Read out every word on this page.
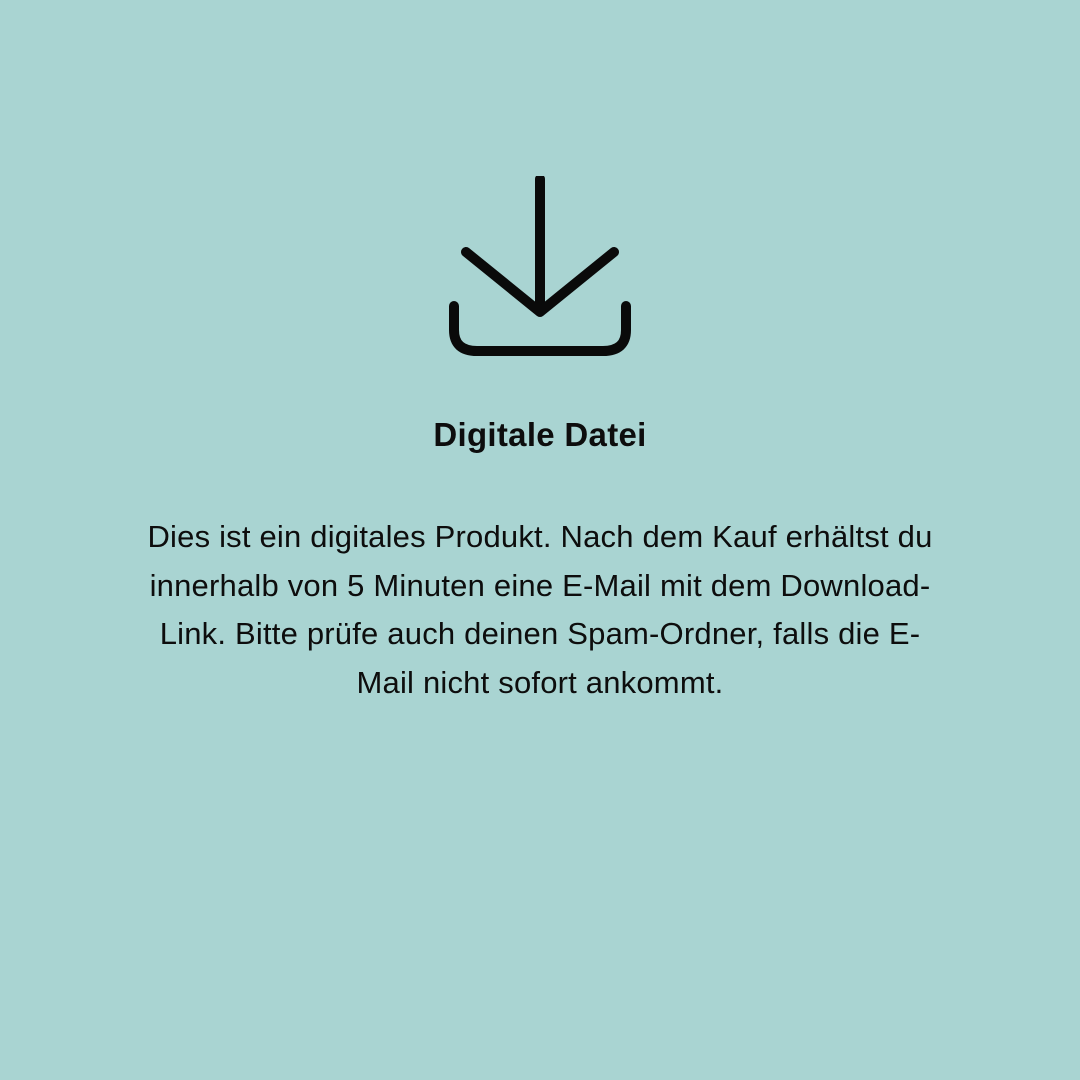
Digitale Datei

Dies ist ein digitales Produkt. Nach dem Kauf erhältst du
innerhalb von 5 Minuten eine E-Mail mit dem Download-
Link. Bitte prüfe auch deinen Spam-Ordner, falls die E-
Mail nicht sofort ankommt.
